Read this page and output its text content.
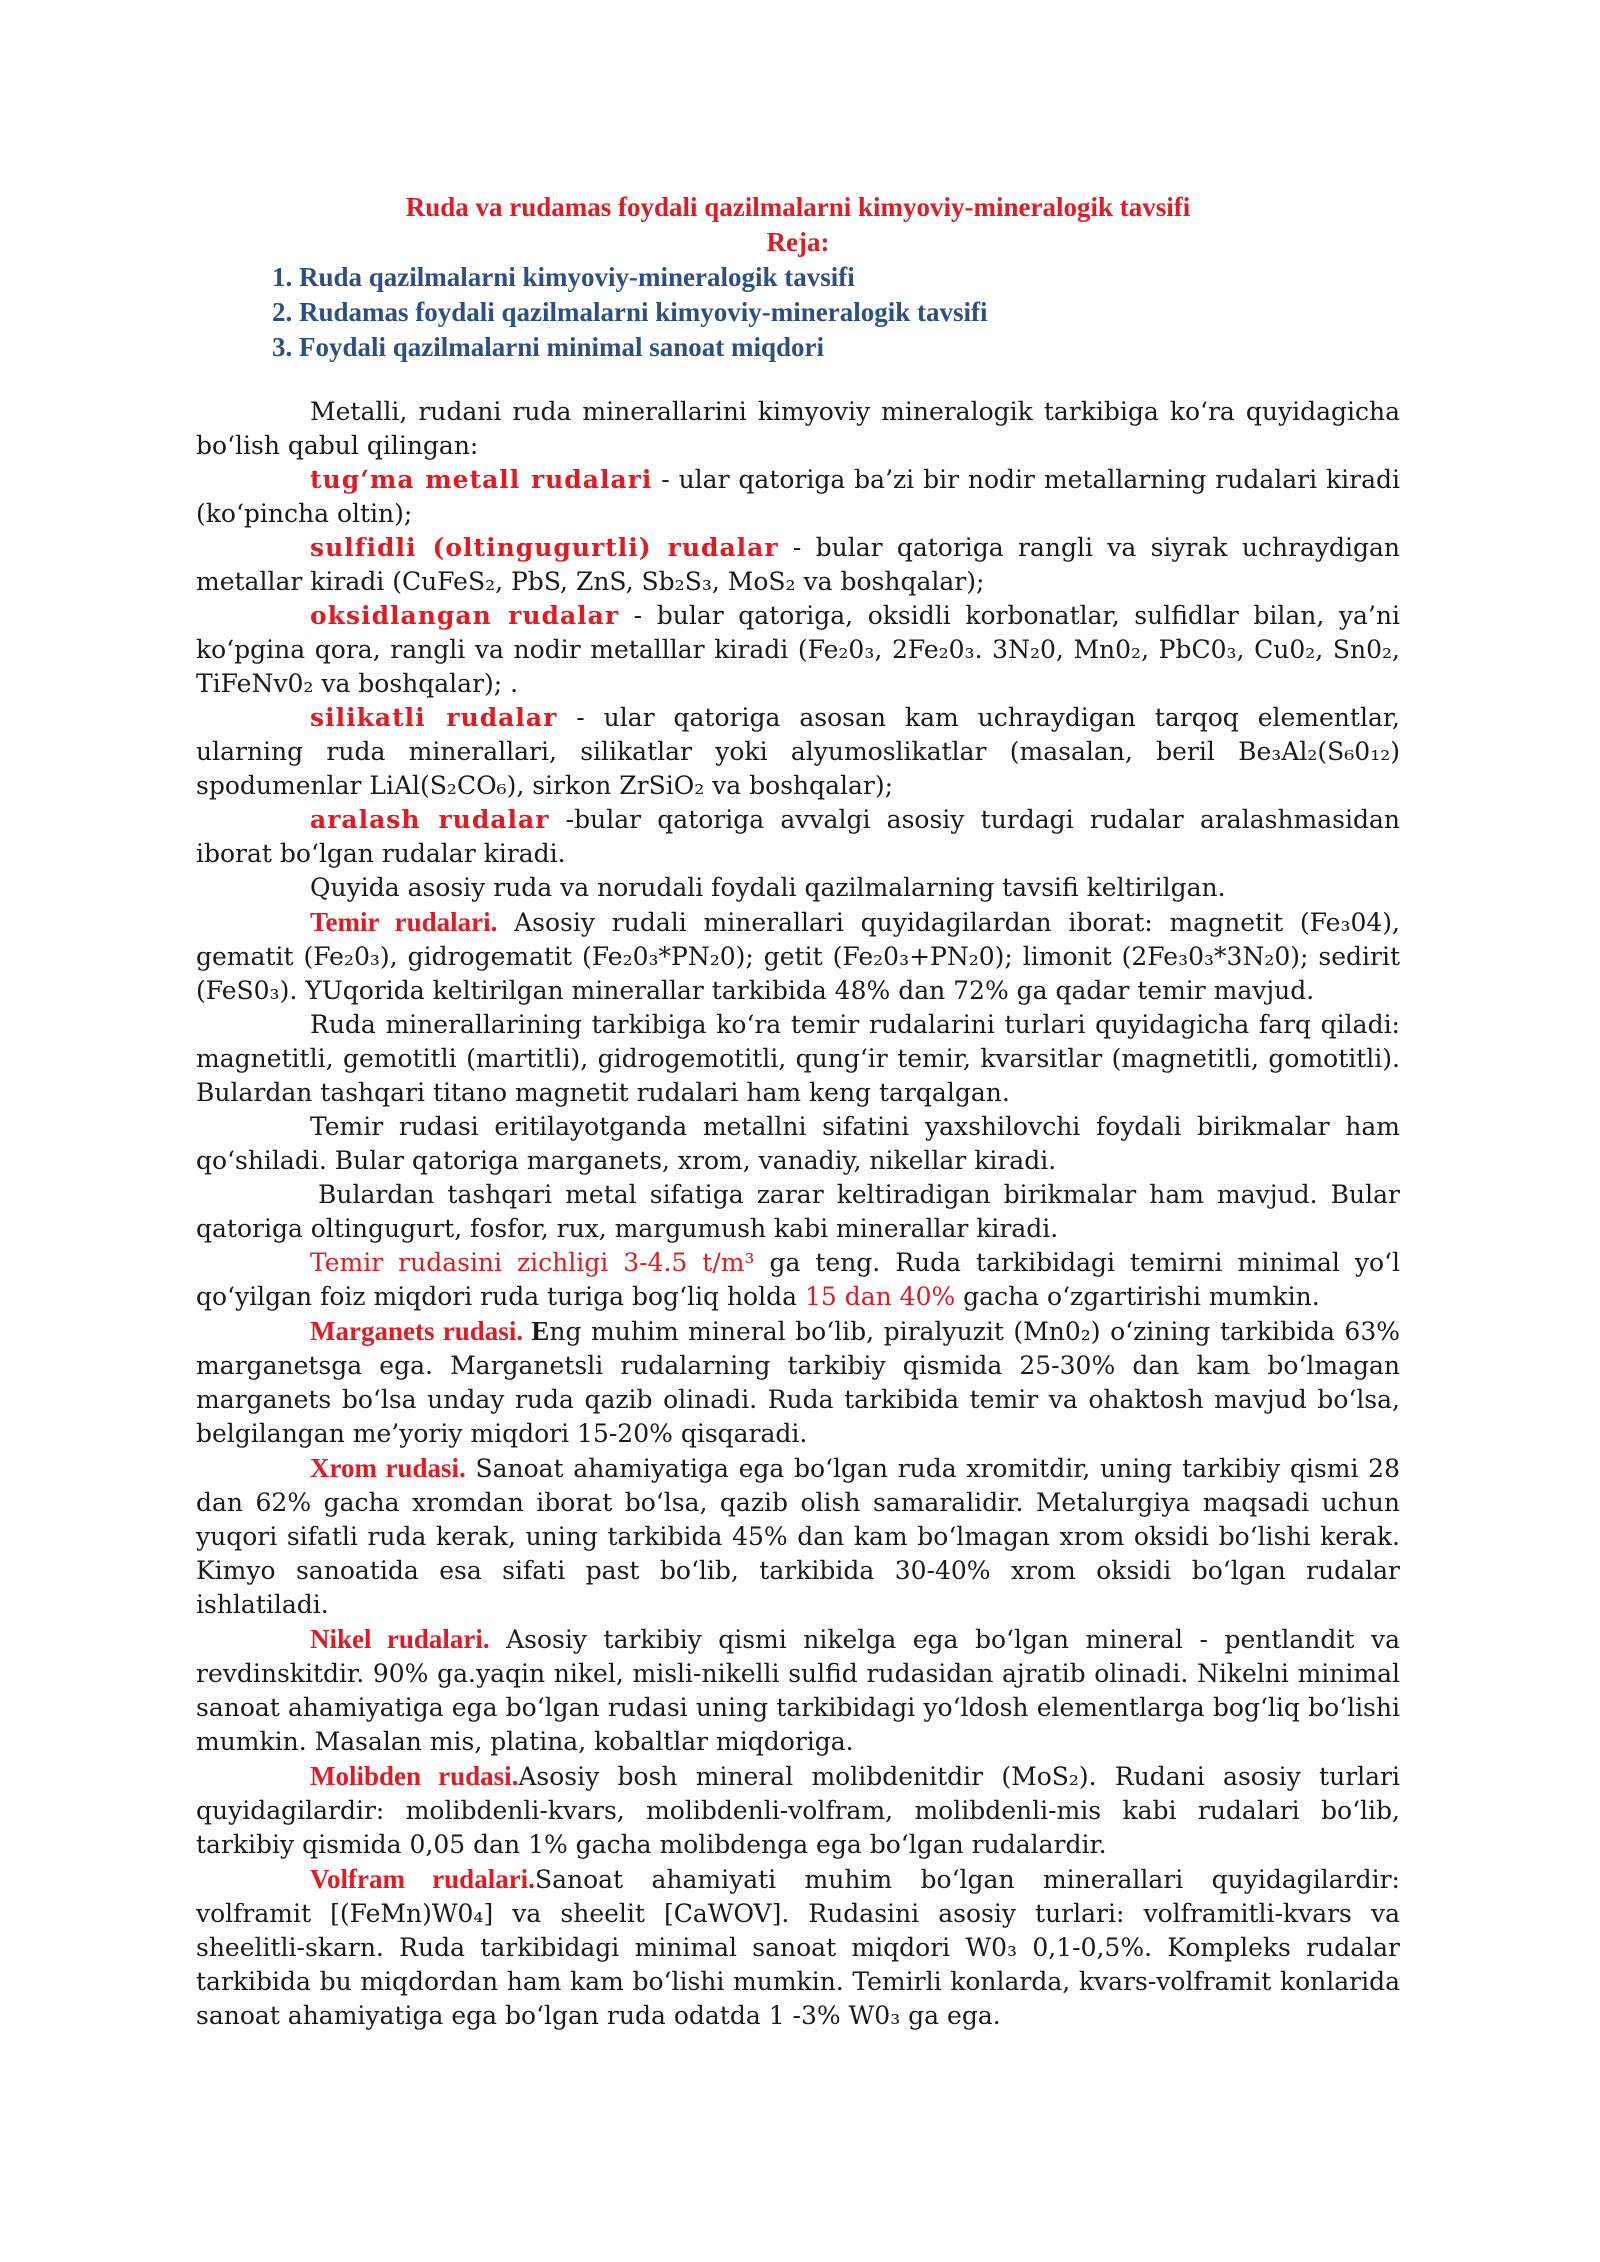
Ruda va rudamas foydali qazilmalarni kimyoviy-mineralogik tavsifi
Reja:
1. Ruda qazilmalarni kimyoviy-mineralogik tavsifi
2. Rudamas foydali qazilmalarni kimyoviy-mineralogik tavsifi
3. Foydali qazilmalarni minimal sanoat miqdori

Metalli, rudani ruda minerallarini kimyoviy mineralogik tarkibiga ko‘ra quyidagicha bo‘lish qabul qilingan:

tug‘ma metall rudalari - ular qatoriga ba’zi bir nodir metallarning rudalari kiradi (ko‘pincha oltin);

sulfidli (oltingugurtli) rudalar - bular qatoriga rangli va siyrak uchraydigan metallar kiradi (CuFeS₂, PbS, ZnS, Sb₂S₃, MoS₂ va boshqalar);

oksidlangan rudalar - bular qatoriga, oksidli korbonatlar, sulfidlar bilan, ya’ni ko‘pgina qora, rangli va nodir metalllar kiradi (Fe₂0₃, 2Fe₂0₃. 3N₂0, Mn0₂, PbC0₃, Cu0₂, Sn0₂, TiFeNv0₂ va boshqalar); .

silikatli rudalar - ular qatoriga asosan kam uchraydigan tarqoq elementlar, ularning ruda minerallari, silikatlar yoki alyumoslikatlar (masalan, beril Be₃Al₂(S₆0₁₂) spodumenlar LiAl(S₂CO₆), sirkon ZrSiO₂ va boshqalar);

aralash rudalar -bular qatoriga avvalgi asosiy turdagi rudalar aralashmasidan iborat bo‘lgan rudalar kiradi.

Quyida asosiy ruda va norudali foydali qazilmalarning tavsifi keltirilgan.

Temir rudalari. Asosiy rudali minerallari quyidagilardan iborat: magnetit (Fe₃04), gematit (Fe₂0₃), gidrogematit (Fe₂0₃*PN₂0); getit (Fe₂0₃+PN₂0); limonit (2Fe₃0₃*3N₂0); sedirit (FeS0₃). YUqorida keltirilgan minerallar tarkibida 48% dan 72% ga qadar temir mavjud.

Ruda minerallarining tarkibiga ko‘ra temir rudalarini turlari quyidagicha farq qiladi: magnetitli, gemotitli (martitli), gidrogemotitli, qung‘ir temir, kvarsitlar (magnetitli, gomotitli). Bulardan tashqari titano magnetit rudalari ham keng tarqalgan.

Temir rudasi eritilayotganda metallni sifatini yaxshilovchi foydali birikmalar ham qo‘shiladi. Bular qatoriga marganets, xrom, vanadiy, nikellar kiradi.

Bulardan tashqari metal sifatiga zarar keltiradigan birikmalar ham mavjud. Bular qatoriga oltingugurt, fosfor, rux, margumush kabi minerallar kiradi.

Temir rudasini zichligi 3-4.5 t/m³ ga teng. Ruda tarkibidagi temirni minimal yo‘l qo‘yilgan foiz miqdori ruda turiga bog‘liq holda 15 dan 40% gacha o‘zgartirishi mumkin.

Marganets rudasi. Eng muhim mineral bo‘lib, piralyuzit (Mn0₂) o‘zining tarkibida 63% marganetsga ega. Marganetsli rudalarning tarkibiy qismida 25-30% dan kam bo‘lmagan marganets bo‘lsa unday ruda qazib olinadi. Ruda tarkibida temir va ohaktosh mavjud bo‘lsa, belgilangan me’yoriy miqdori 15-20% qisqaradi.

Xrom rudasi. Sanoat ahamiyatiga ega bo‘lgan ruda xromitdir, uning tarkibiy qismi 28 dan 62% gacha xromdan iborat bo‘lsa, qazib olish samaralidir. Metalurgiya maqsadi uchun yuqori sifatli ruda kerak, uning tarkibida 45% dan kam bo‘lmagan xrom oksidi bo‘lishi kerak. Kimyo sanoatida esa sifati past bo‘lib, tarkibida 30-40% xrom oksidi bo‘lgan rudalar ishlatiladi.

Nikel rudalari. Asosiy tarkibiy qismi nikelga ega bo‘lgan mineral - pentlandit va revdinskitdir. 90% ga.yaqin nikel, misli-nikelli sulfid rudasidan ajratib olinadi. Nikelni minimal sanoat ahamiyatiga ega bo‘lgan rudasi uning tarkibidagi yo‘ldosh elementlarga bog‘liq bo‘lishi mumkin. Masalan mis, platina, kobaltlar miqdoriga.

Molibden rudasi.Asosiy bosh mineral molibdenitdir (MoS₂). Rudani asosiy turlari quyidagilardir: molibdenli-kvars, molibdenli-volfram, molibdenli-mis kabi rudalari bo‘lib, tarkibiy qismida 0,05 dan 1% gacha molibdenga ega bo‘lgan rudalardir.

Volfram rudalari.Sanoat ahamiyati muhim bo‘lgan minerallari quyidagilardir: volframit [(FeMn)W0₄] va sheelit [CaWOV]. Rudasini asosiy turlari: volframitli-kvars va sheelitli-skarn. Ruda tarkibidagi minimal sanoat miqdori W0₃ 0,1-0,5%. Kompleks rudalar tarkibida bu miqdordan ham kam bo‘lishi mumkin. Temirli konlarda, kvars-volframit konlarida sanoat ahamiyatiga ega bo‘lgan ruda odatda 1 -3% W0₃ ga ega.
